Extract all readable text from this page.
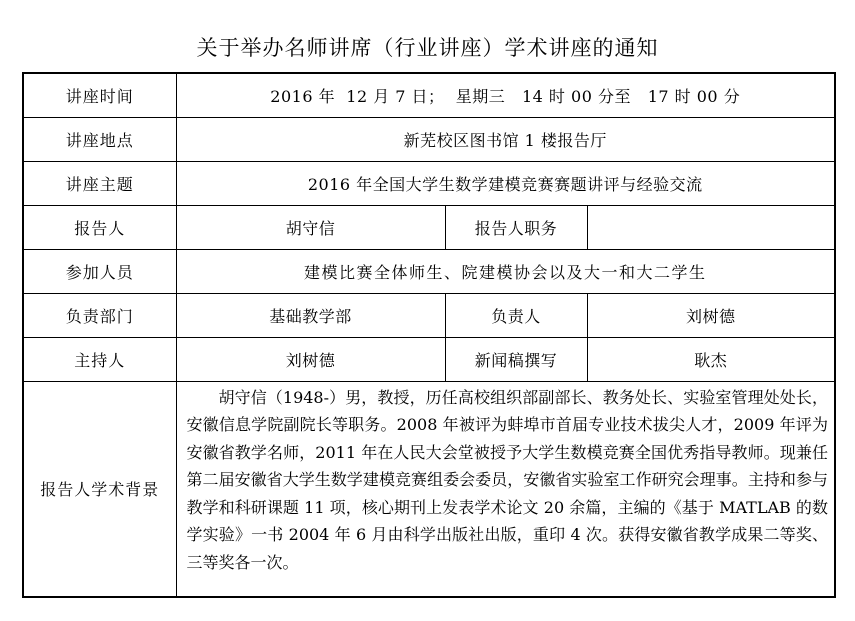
关于举办名师讲席（行业讲座）学术讲座的通知
讲座时间	2016 年  12 月 7 日；  星期三   14 时 00 分至   17 时 00 分		
讲座地点	新芜校区图书馆 1 楼报告厅		
讲座主题	2016 年全国大学生数学建模竞赛赛题讲评与经验交流		
报告人	胡守信	报告人职务	
参加人员	建模比赛全体师生、院建模协会以及大一和大二学生		
负责部门	基础教学部	负责人	刘树德
主持人	刘树德	新闻稿撰写	耿杰
报告人学术背景	胡守信（1948-）男，教授，历任高校组织部副部长、教务处长、实验室管理处处长，安徽信息学院副院长等职务。2008 年被评为蚌埠市首届专业技术拔尖人才，2009 年评为安徽省教学名师，2011 年在人民大会堂被授予大学生数模竞赛全国优秀指导教师。现兼任第二届安徽省大学生数学建模竞赛组委会委员，安徽省实验室工作研究会理事。主持和参与教学和科研课题 11 项，核心期刊上发表学术论文 20 余篇，主编的《基于 MATLAB 的数学实验》一书 2004 年 6 月由科学出版社出版，重印 4 次。获得安徽省教学成果二等奖、三等奖各一次。		
